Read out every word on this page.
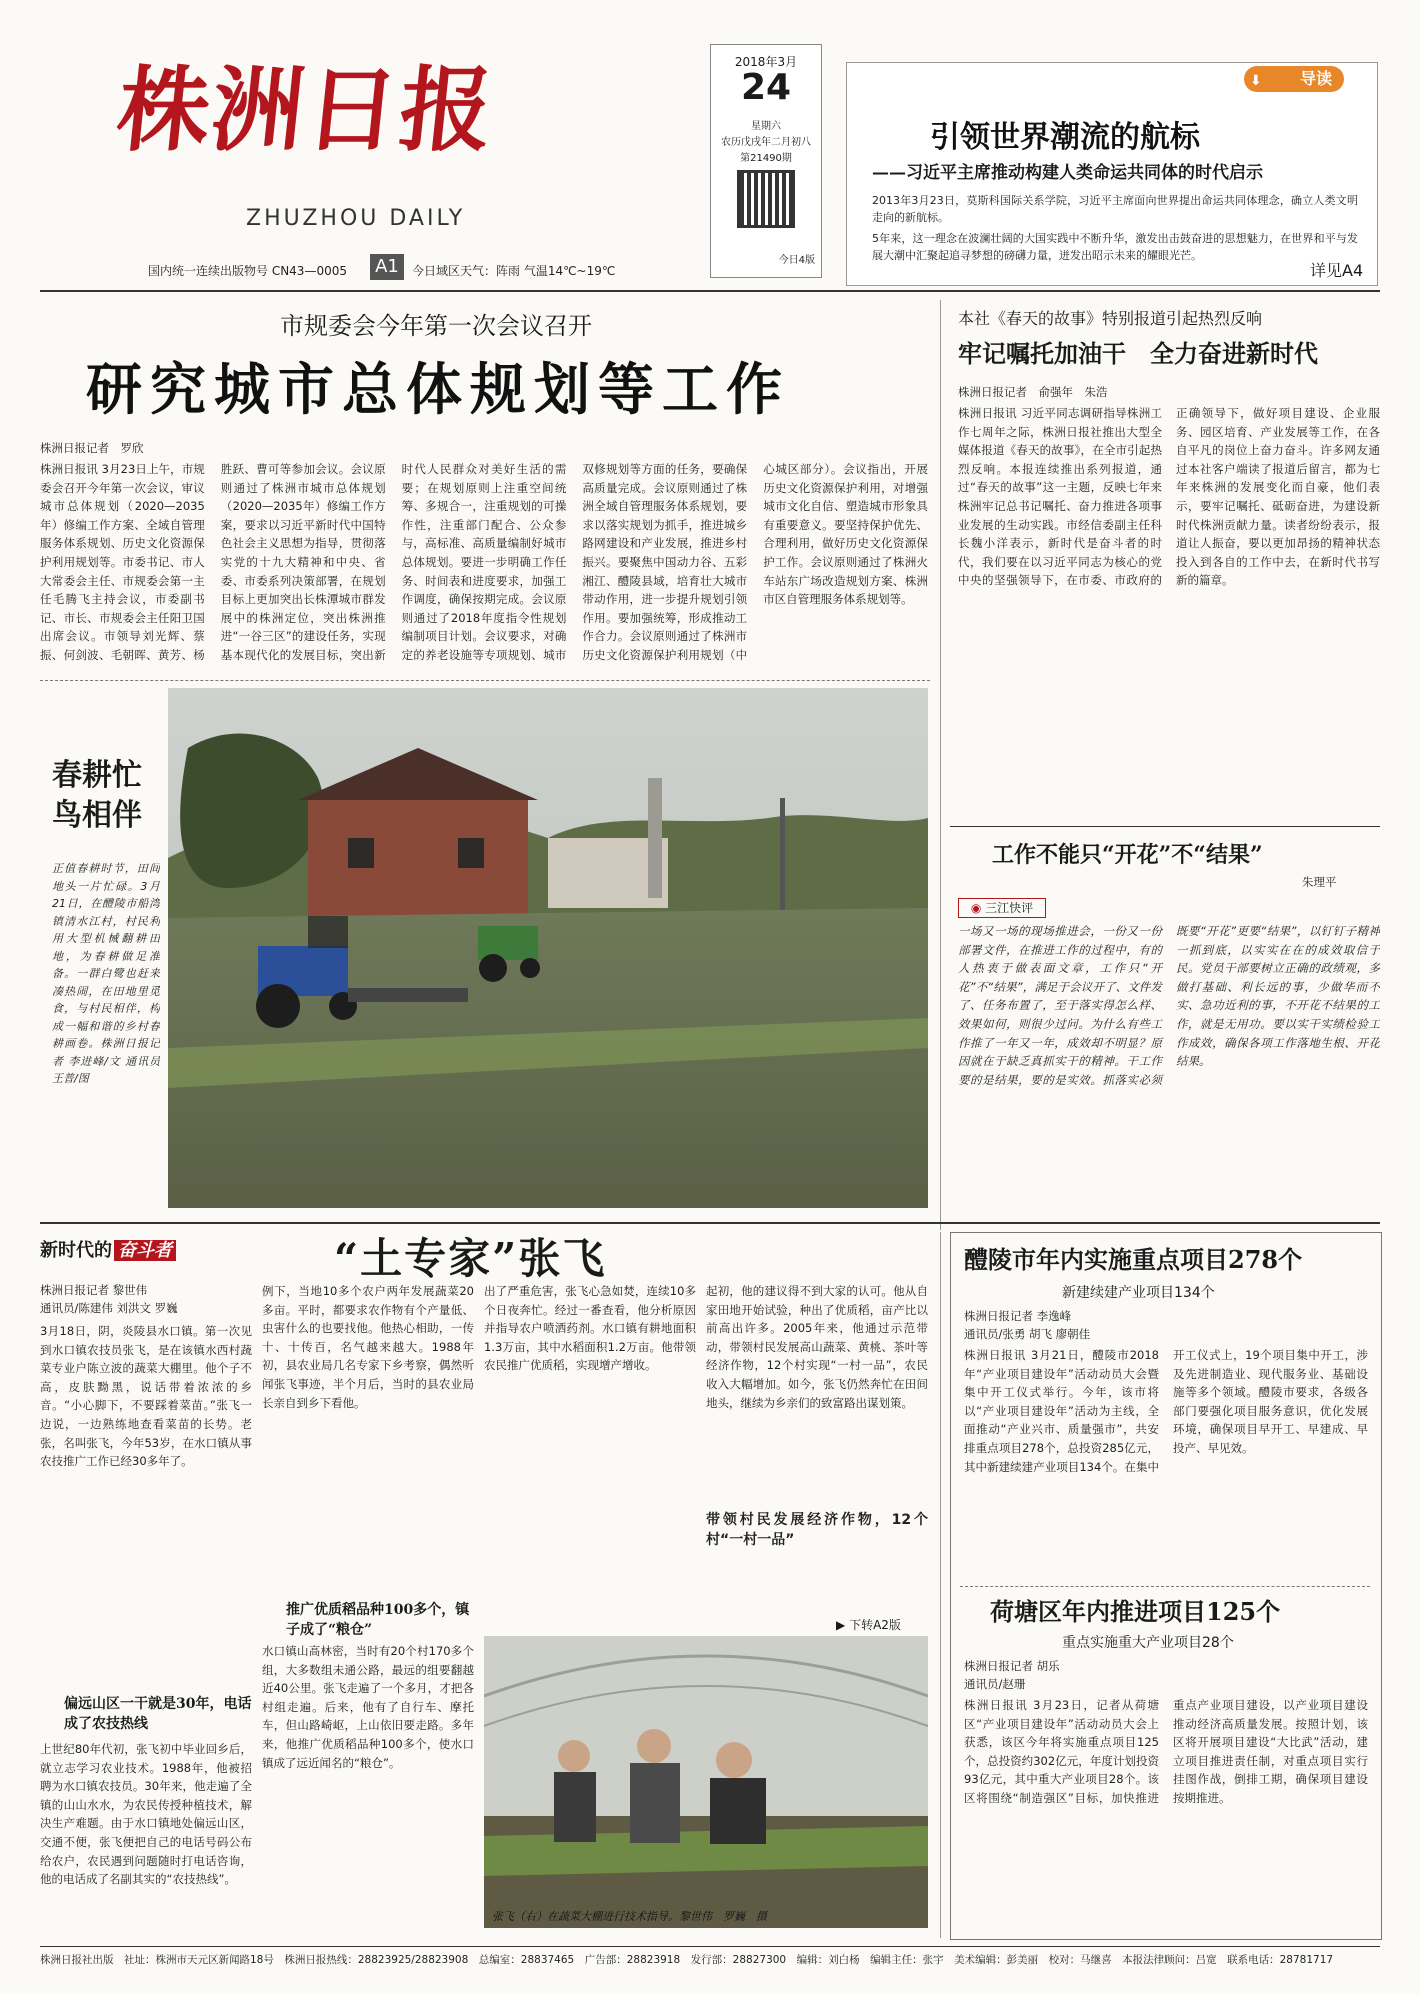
株洲日报
ZHUZHOU DAILY
国内统一连续出版物号 CN43—0005 A1	今日域区天气：阵雨 气温14℃~19℃
2018年3月
24
星期六
农历戊戌年二月初八
第21490期
今日4版
⬇ 导读
引领世界潮流的航标
——习近平主席推动构建人类命运共同体的时代启示
2013年3月23日，莫斯科国际关系学院，习近平主席面向世界提出命运共同体理念，确立人类文明走向的新航标。
5年来，这一理念在波澜壮阔的大国实践中不断升华，激发出击鼓奋进的思想魅力，在世界和平与发展大潮中汇聚起追寻梦想的磅礴力量，迸发出昭示未来的耀眼光芒。
详见A4
市规委会今年第一次会议召开
研究城市总体规划等工作
株洲日报记者　罗欣
株洲日报讯 3月23日上午，市规委会召开今年第一次会议，审议城市总体规划（2020—2035年）修编工作方案、全域自管理服务体系规划、历史文化资源保护利用规划等。市委书记、市人大常委会主任、市规委会第一主任毛腾飞主持会议，市委副书记、市长、市规委会主任阳卫国出席会议。市领导刘光辉、蔡振、何剑波、毛朝晖、黄芳、杨胜跃、曹可等参加会议。会议原则通过了株洲市城市总体规划（2020—2035年）修编工作方案，要求以习近平新时代中国特色社会主义思想为指导，贯彻落实党的十九大精神和中央、省委、市委系列决策部署，在规划目标上更加突出长株潭城市群发展中的株洲定位，突出株洲推进“一谷三区”的建设任务，实现基本现代化的发展目标，突出新时代人民群众对美好生活的需要；在规划原则上注重空间统筹、多规合一，注重规划的可操作性，注重部门配合、公众参与，高标准、高质量编制好城市总体规划。要进一步明确工作任务、时间表和进度要求，加强工作调度，确保按期完成。会议原则通过了2018年度指令性规划编制项目计划。会议要求，对确定的养老设施等专项规划、城市双修规划等方面的任务，要确保高质量完成。会议原则通过了株洲全域自管理服务体系规划，要求以落实规划为抓手，推进城乡路网建设和产业发展，推进乡村振兴。要聚焦中国动力谷、五彩湘江、醴陵县域，培育壮大城市带动作用，进一步提升规划引领作用。要加强统筹，形成推动工作合力。会议原则通过了株洲市历史文化资源保护利用规划（中心城区部分）。会议指出，开展历史文化资源保护利用，对增强城市文化自信、塑造城市形象具有重要意义。要坚持保护优先、合理利用，做好历史文化资源保护工作。会议原则通过了株洲火车站东广场改造规划方案、株洲市区自管理服务体系规划等。
春耕忙
鸟相伴
正值春耕时节，田间地头一片忙碌。3月21日，在醴陵市船湾镇清水江村，村民利用大型机械翻耕田地，为春耕做足准备。一群白鹭也赶来凑热闹，在田地里觅食，与村民相伴，构成一幅和谐的乡村春耕画卷。株洲日报记者 李进峰/文 通讯员 王普/图
本社《春天的故事》特别报道引起热烈反响
牢记嘱托加油干　全力奋进新时代
株洲日报记者　俞强年　朱浩
株洲日报讯 习近平同志调研指导株洲工作七周年之际，株洲日报社推出大型全媒体报道《春天的故事》，在全市引起热烈反响。本报连续推出系列报道，通过“春天的故事”这一主题，反映七年来株洲牢记总书记嘱托、奋力推进各项事业发展的生动实践。市经信委副主任科长魏小洋表示，新时代是奋斗者的时代，我们要在以习近平同志为核心的党中央的坚强领导下，在市委、市政府的正确领导下，做好项目建设、企业服务、园区培育、产业发展等工作，在各自平凡的岗位上奋力奋斗。许多网友通过本社客户端读了报道后留言，都为七年来株洲的发展变化而自豪，他们表示，要牢记嘱托、砥砺奋进，为建设新时代株洲贡献力量。读者纷纷表示，报道让人振奋，要以更加昂扬的精神状态投入到各自的工作中去，在新时代书写新的篇章。
工作不能只“开花”不“结果”
朱理平
◉ 三江快评
一场又一场的现场推进会，一份又一份部署文件，在推进工作的过程中，有的人热衷于做表面文章，工作只“开花”不“结果”，满足于会议开了、文件发了、任务布置了，至于落实得怎么样、效果如何，则很少过问。为什么有些工作推了一年又一年，成效却不明显？原因就在于缺乏真抓实干的精神。干工作要的是结果，要的是实效。抓落实必须既要“开花”更要“结果”，以钉钉子精神一抓到底，以实实在在的成效取信于民。党员干部要树立正确的政绩观，多做打基础、利长远的事，少做华而不实、急功近利的事，不开花不结果的工作，就是无用功。要以实干实绩检验工作成效，确保各项工作落地生根、开花结果。
新时代的 奋斗者	“土专家”张飞
株洲日报记者 黎世伟
通讯员/陈建伟 刘洪文 罗巍
3月18日，阴，炎陵县水口镇。第一次见到水口镇农技员张飞，是在该镇水西村蔬菜专业户陈立波的蔬菜大棚里。他个子不高，皮肤黝黑，说话带着浓浓的乡音。“小心脚下，不要踩着菜苗。”张飞一边说，一边熟练地查看菜苗的长势。老张，名叫张飞，今年53岁，在水口镇从事农技推广工作已经30多年了。
偏远山区一干就是30年，电话成了农技热线
上世纪80年代初，张飞初中毕业回乡后，就立志学习农业技术。1988年，他被招聘为水口镇农技员。30年来，他走遍了全镇的山山水水，为农民传授种植技术，解决生产难题。由于水口镇地处偏远山区，交通不便，张飞便把自己的电话号码公布给农户，农民遇到问题随时打电话咨询，他的电话成了名副其实的“农技热线”。
例下，当地10多个农户两年发展蔬菜20多亩。平时，都要求农作物有个产量低、虫害什么的也要找他。他热心相助，一传十、十传百，名气越来越大。1988年初，县农业局几名专家下乡考察，偶然听闻张飞事迹，半个月后，当时的县农业局长亲自到乡下看他。
推广优质稻品种100多个，镇子成了“粮仓”
水口镇山高林密，当时有20个村170多个组，大多数组未通公路，最远的组要翻越近40公里。张飞走遍了一个多月，才把各村组走遍。后来，他有了自行车、摩托车，但山路崎岖，上山依旧要走路。多年来，他推广优质稻品种100多个，使水口镇成了远近闻名的“粮仓”。
出了严重危害，张飞心急如焚，连续10多个日夜奔忙。经过一番查看，他分析原因并指导农户喷洒药剂。水口镇有耕地面积1.3万亩，其中水稻面积1.2万亩。他带领农民推广优质稻，实现增产增收。
起初，他的建议得不到大家的认可。他从自家田地开始试验，种出了优质稻，亩产比以前高出许多。2005年来，他通过示范带动，带领村民发展高山蔬菜、黄桃、茶叶等经济作物，12个村实现“一村一品”，农民收入大幅增加。如今，张飞仍然奔忙在田间地头，继续为乡亲们的致富路出谋划策。
▶ 下转A2版
张飞（右）在蔬菜大棚进行技术指导。黎世伟　罗巍　摄
带领村民发展经济作物，12个村“一村一品”
醴陵市年内实施重点项目278个
新建续建产业项目134个
株洲日报记者 李逸峰
通讯员/张勇 胡飞 廖朝佳
株洲日报讯 3月21日，醴陵市2018年“产业项目建设年”活动动员大会暨集中开工仪式举行。今年，该市将以“产业项目建设年”活动为主线，全面推动“产业兴市、质量强市”，共安排重点项目278个，总投资285亿元，其中新建续建产业项目134个。在集中开工仪式上，19个项目集中开工，涉及先进制造业、现代服务业、基础设施等多个领域。醴陵市要求，各级各部门要强化项目服务意识，优化发展环境，确保项目早开工、早建成、早投产、早见效。
荷塘区年内推进项目125个
重点实施重大产业项目28个
株洲日报记者 胡乐
通讯员/赵珊
株洲日报讯 3月23日，记者从荷塘区“产业项目建设年”活动动员大会上获悉，该区今年将实施重点项目125个，总投资约302亿元，年度计划投资93亿元，其中重大产业项目28个。该区将围绕“制造强区”目标，加快推进重点产业项目建设，以产业项目建设推动经济高质量发展。按照计划，该区将开展项目建设“大比武”活动，建立项目推进责任制，对重点项目实行挂图作战，倒排工期，确保项目建设按期推进。
株洲日报社出版　社址：株洲市天元区新闻路18号　株洲日报热线：28823925/28823908　总编室：28837465　广告部：28823918　发行部：28827300　编辑：刘白杨　编辑主任：张宇　美术编辑：彭美丽　校对：马继喜　本报法律顾问：吕宽　联系电话：28781717
